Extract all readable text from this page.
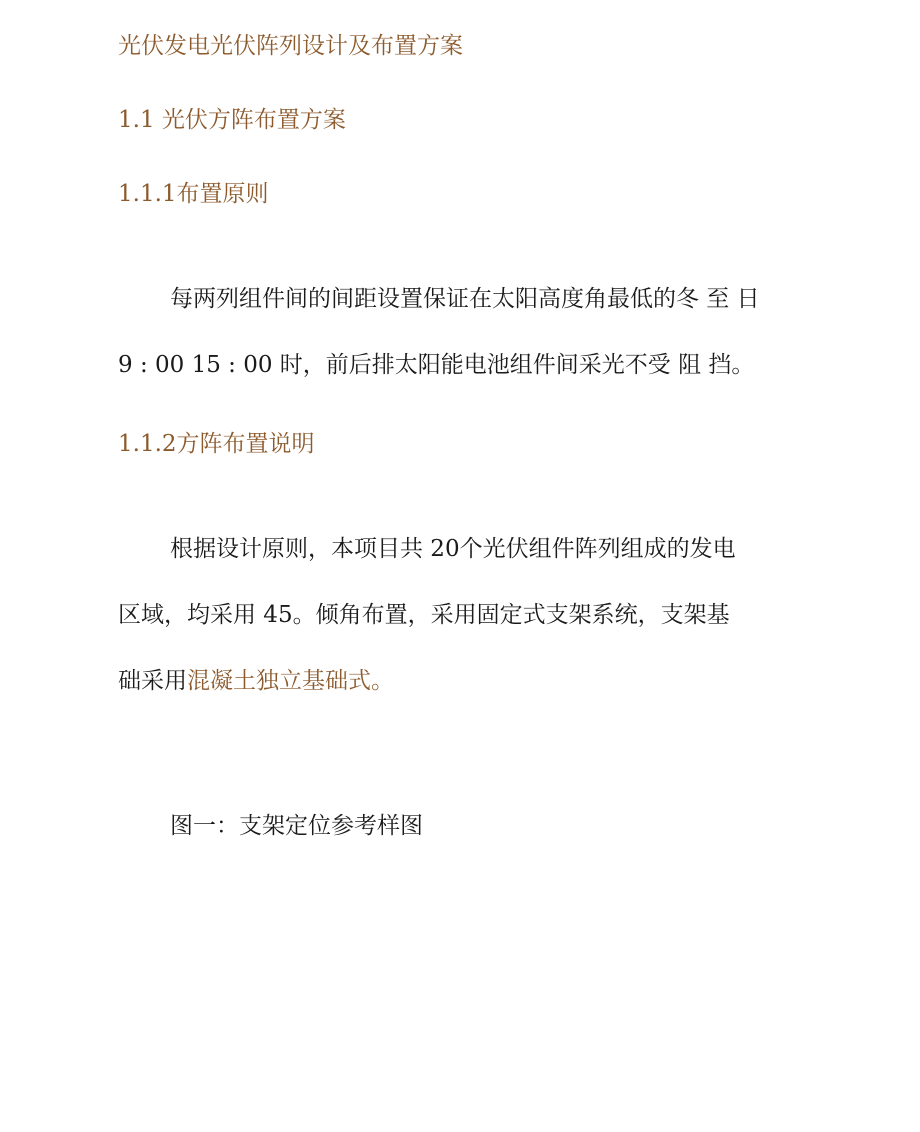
光伏发电光伏阵列设计及布置方案
1.1 光伏方阵布置方案
1.1.1布置原则

每两列组件间的间距设置保证在太阳高度角最低的冬 至 日

9 : 00 15 : 00 时，前后排太阳能电池组件间采光不受 阻 挡。

1.1.2方阵布置说明

根据设计原则，本项目共 20个光伏组件阵列组成的发电

区域，均采用 45。倾角布置，采用固定式支架系统，支架基

础采用混凝土独立基础式。

图一：支架定位参考样图
